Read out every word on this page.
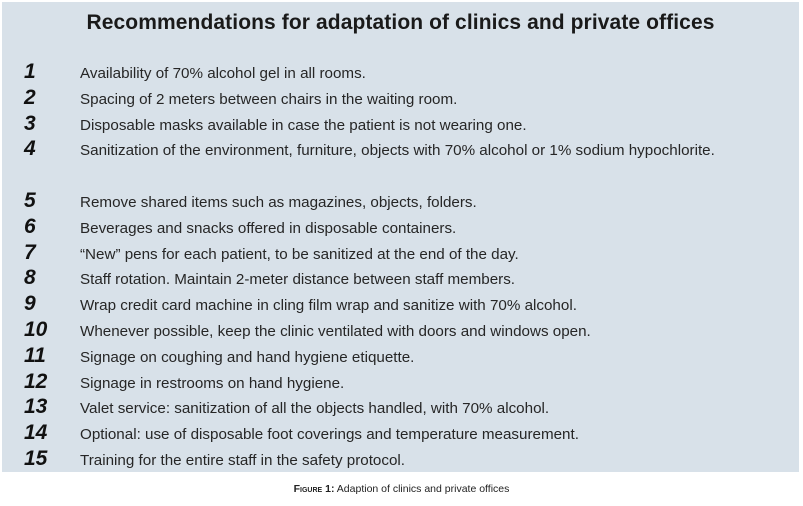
Recommendations for adaptation of clinics and private offices
1	Availability of 70% alcohol gel in all rooms.
2	Spacing of 2 meters between chairs in the waiting room.
3	Disposable masks available in case the patient is not wearing one.
4	Sanitization of the environment, furniture, objects with 70% alcohol or 1% sodium hypochlorite.
5	Remove shared items such as magazines, objects, folders.
6	Beverages and snacks offered in disposable containers.
7	“New” pens for each patient, to be sanitized at the end of the day.
8	Staff rotation. Maintain 2-meter distance between staff members.
9	Wrap credit card machine in cling film wrap and sanitize with 70% alcohol.
10	Whenever possible, keep the clinic ventilated with doors and windows open.
11	Signage on coughing and hand hygiene etiquette.
12	Signage in restrooms on hand hygiene.
13	Valet service: sanitization of all the objects handled, with 70% alcohol.
14	Optional: use of disposable foot coverings and temperature measurement.
15	Training for the entire staff in the safety protocol.
Figure 1: Adaption of clinics and private offices
